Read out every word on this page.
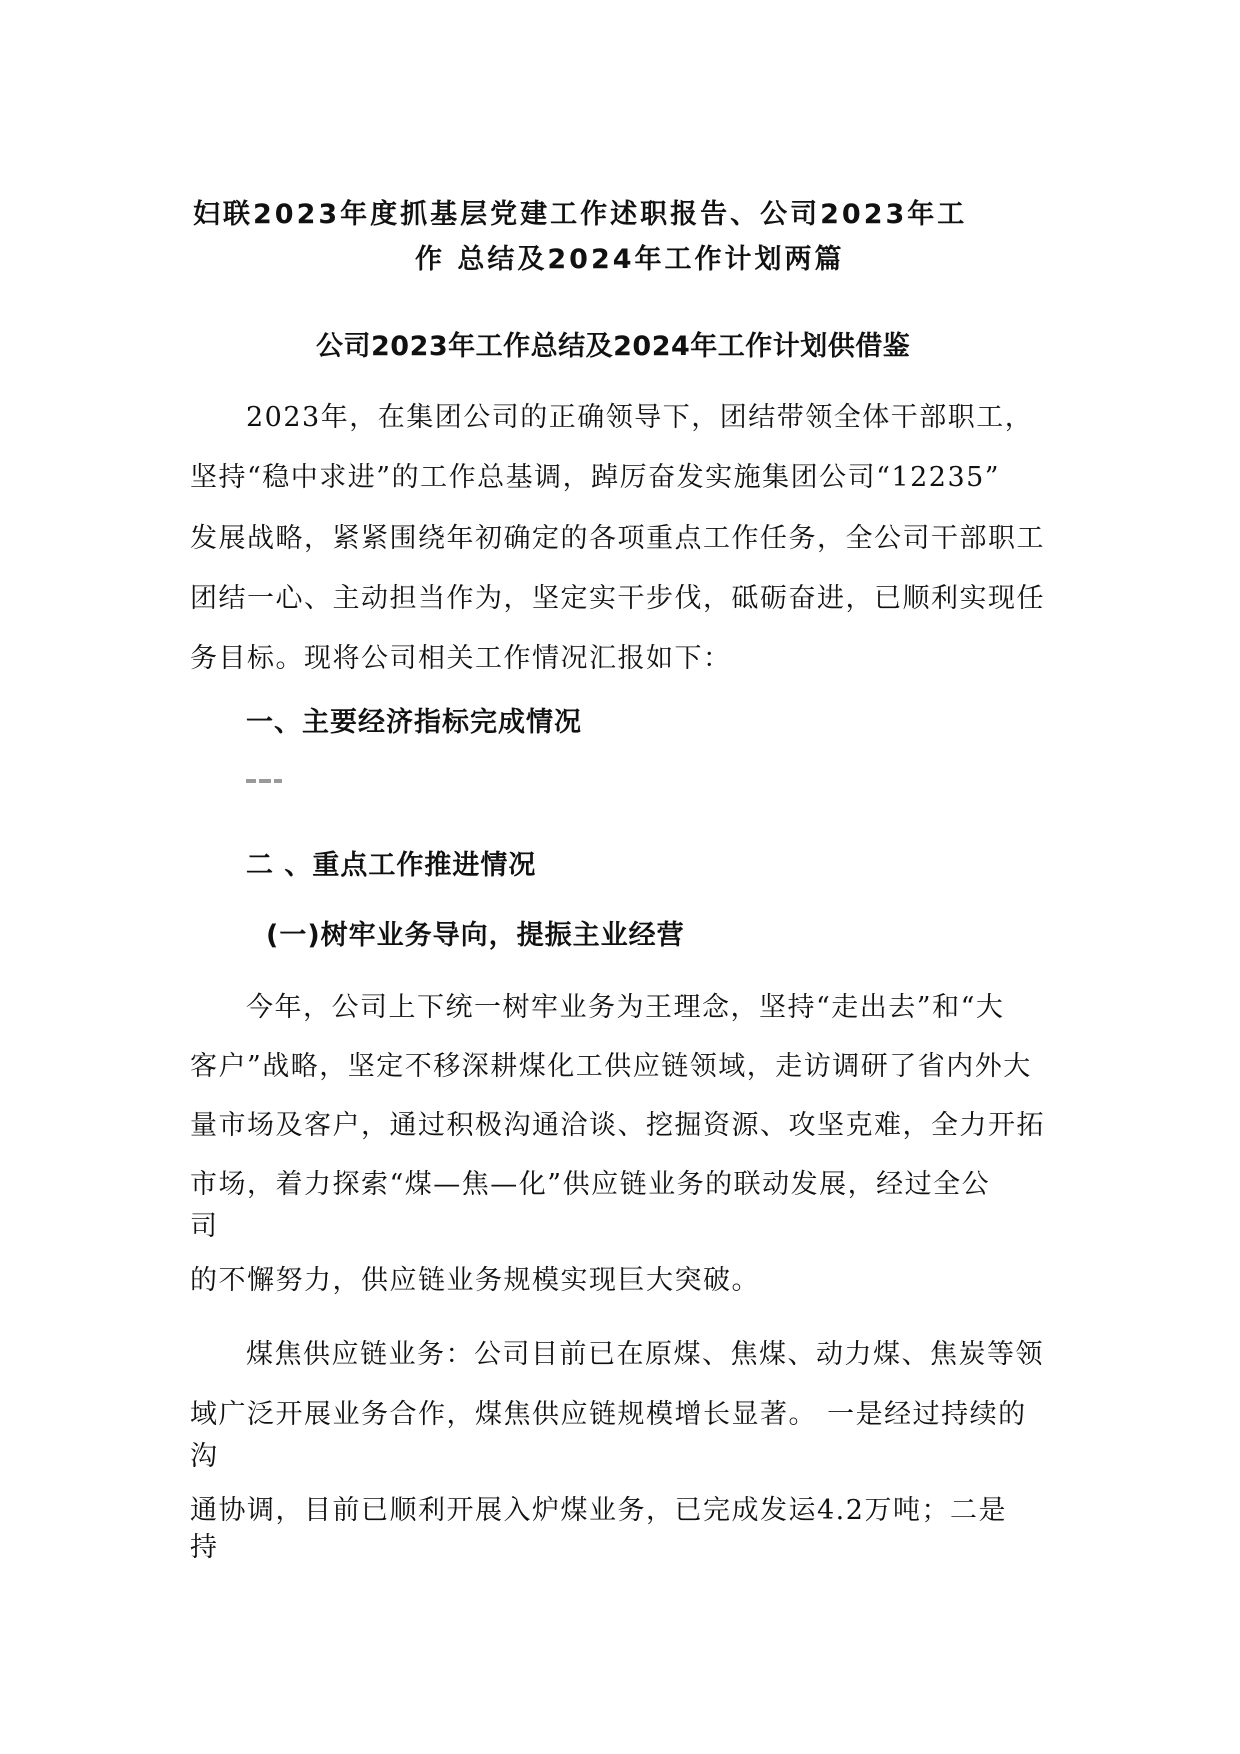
妇联2023年度抓基层党建工作述职报告、公司2023年工

作 总结及2024年工作计划两篇

公司2023年工作总结及2024年工作计划供借鉴

2023年，在集团公司的正确领导下，团结带领全体干部职工，

坚持“稳中求进”的工作总基调，踔厉奋发实施集团公司“12235”

发展战略，紧紧围绕年初确定的各项重点工作任务，全公司干部职工

团结一心、主动担当作为，坚定实干步伐，砥砺奋进，已顺利实现任

务目标。现将公司相关工作情况汇报如下：

一、主要经济指标完成情况

二 、重点工作推进情况

(一)树牢业务导向，提振主业经营

今年，公司上下统一树牢业务为王理念，坚持“走出去”和“大

客户”战略，坚定不移深耕煤化工供应链领域，走访调研了省内外大

量市场及客户，通过积极沟通洽谈、挖掘资源、攻坚克难，全力开拓

市场，着力探索“煤—焦—化”供应链业务的联动发展，经过全公

司

的不懈努力，供应链业务规模实现巨大突破。

煤焦供应链业务：公司目前已在原煤、焦煤、动力煤、焦炭等领

域广泛开展业务合作，煤焦供应链规模增长显著。 一是经过持续的

沟

通协调，目前已顺利开展入炉煤业务，已完成发运4.2万吨；二是

持
